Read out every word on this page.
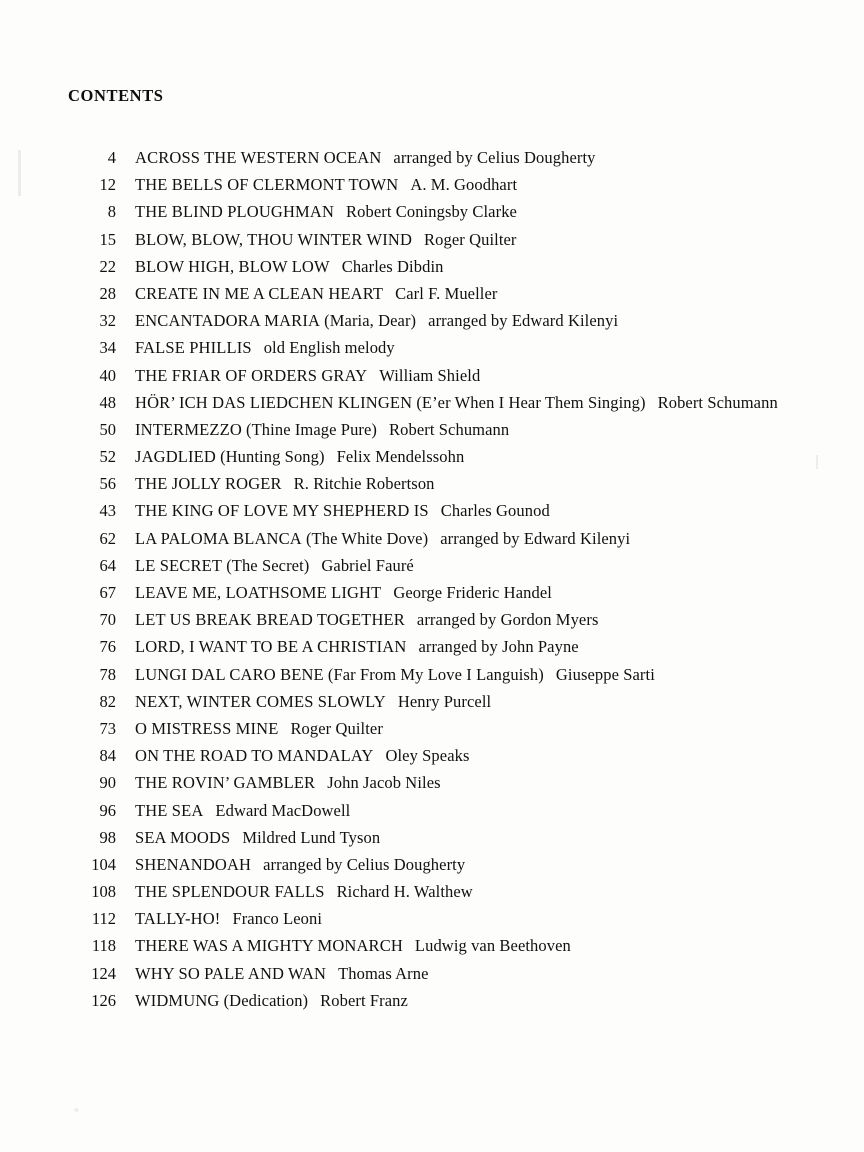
CONTENTS
4	ACROSS THE WESTERN OCEAN arranged by Celius Dougherty
12	THE BELLS OF CLERMONT TOWN A. M. Goodhart
8	THE BLIND PLOUGHMAN Robert Coningsby Clarke
15	BLOW, BLOW, THOU WINTER WIND Roger Quilter
22	BLOW HIGH, BLOW LOW Charles Dibdin
28	CREATE IN ME A CLEAN HEART Carl F. Mueller
32	ENCANTADORA MARIA (Maria, Dear) arranged by Edward Kilenyi
34	FALSE PHILLIS old English melody
40	THE FRIAR OF ORDERS GRAY William Shield
48	HÖR’ ICH DAS LIEDCHEN KLINGEN (E’er When I Hear Them Singing) Robert Schumann
50	INTERMEZZO (Thine Image Pure) Robert Schumann
52	JAGDLIED (Hunting Song) Felix Mendelssohn
56	THE JOLLY ROGER R. Ritchie Robertson
43	THE KING OF LOVE MY SHEPHERD IS Charles Gounod
62	LA PALOMA BLANCA (The White Dove) arranged by Edward Kilenyi
64	LE SECRET (The Secret) Gabriel Fauré
67	LEAVE ME, LOATHSOME LIGHT George Frideric Handel
70	LET US BREAK BREAD TOGETHER arranged by Gordon Myers
76	LORD, I WANT TO BE A CHRISTIAN arranged by John Payne
78	LUNGI DAL CARO BENE (Far From My Love I Languish) Giuseppe Sarti
82	NEXT, WINTER COMES SLOWLY Henry Purcell
73	O MISTRESS MINE Roger Quilter
84	ON THE ROAD TO MANDALAY Oley Speaks
90	THE ROVIN’ GAMBLER John Jacob Niles
96	THE SEA Edward MacDowell
98	SEA MOODS Mildred Lund Tyson
104	SHENANDOAH arranged by Celius Dougherty
108	THE SPLENDOUR FALLS Richard H. Walthew
112	TALLY-HO! Franco Leoni
118	THERE WAS A MIGHTY MONARCH Ludwig van Beethoven
124	WHY SO PALE AND WAN Thomas Arne
126	WIDMUNG (Dedication) Robert Franz
